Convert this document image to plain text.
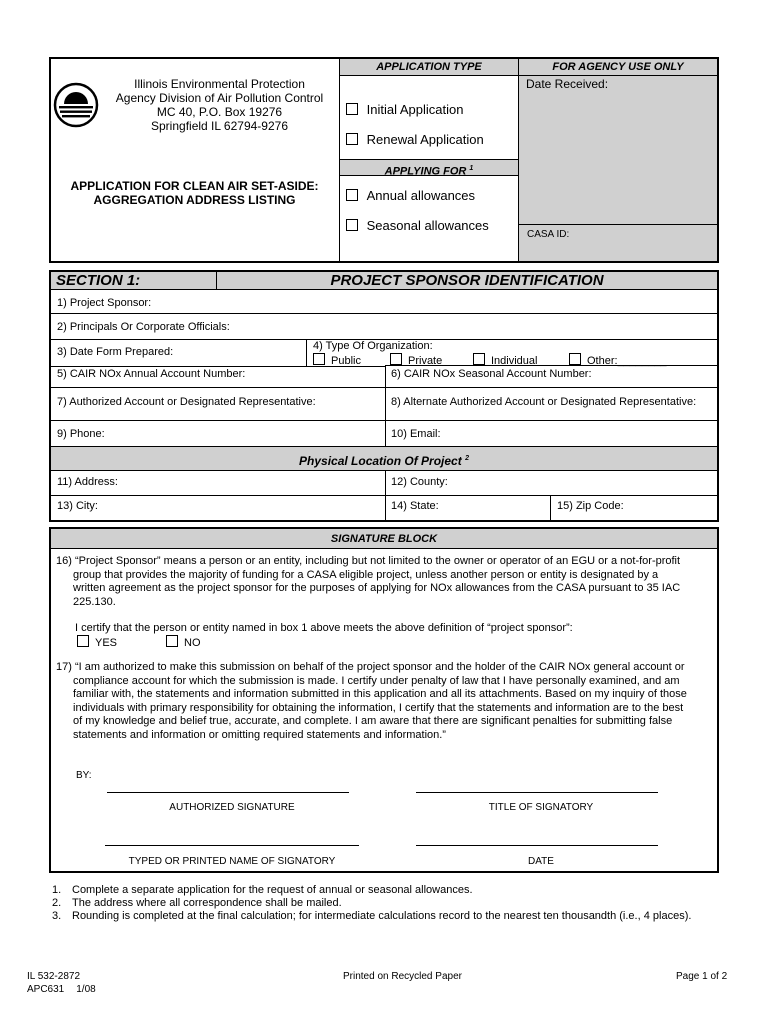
Illinois Environmental Protection
Agency Division of Air Pollution Control
MC 40, P.O. Box 19276
Springfield IL 62794-9276
APPLICATION FOR CLEAN AIR SET-ASIDE:
AGGREGATION ADDRESS LISTING
APPLICATION TYPE
Initial Application
Renewal Application
APPLYING FOR $^1$
Annual allowances
Seasonal allowances
FOR AGENCY USE ONLY
Date Received:
CASA ID:
SECTION 1:	PROJECT SPONSOR IDENTIFICATION
1) Project Sponsor:
2) Principals Or Corporate Officials:
3) Date Form Prepared:	4) Type Of Organization:
Public	Private	Individual	Other:________
5) CAIR NOx Annual Account Number:	6) CAIR NOx Seasonal Account Number:
7) Authorized Account or Designated Representative:	8) Alternate Authorized Account or Designated Representative:
9) Phone:	10) Email:
Physical Location Of Project $^2$
11) Address:	12) County:
13) City:	14) State:	15) Zip Code:
SIGNATURE BLOCK
16) “Project Sponsor” means a person or an entity, including but not limited to the owner or operator of an EGU or a not-for-profit
group that provides the majority of funding for a CASA eligible project, unless another person or entity is designated by a
written agreement as the project sponsor for the purposes of applying for NOx allowances from the CASA pursuant to 35 IAC
225.130.
I certify that the person or entity named in box 1 above meets the above definition of “project sponsor”:
YES	NO
17) “I am authorized to make this submission on behalf of the project sponsor and the holder of the CAIR NOx general account or
compliance account for which the submission is made. I certify under penalty of law that I have personally examined, and am
familiar with, the statements and information submitted in this application and all its attachments. Based on my inquiry of those
individuals with primary responsibility for obtaining the information, I certify that the statements and information are to the best
of my knowledge and belief true, accurate, and complete. I am aware that there are significant penalties for submitting false
statements and information or omitting required statements and information.”
BY:
AUTHORIZED SIGNATURE	TITLE OF SIGNATORY
TYPED OR PRINTED NAME OF SIGNATORY	DATE
1. Complete a separate application for the request of annual or seasonal allowances.
2. The address where all correspondence shall be mailed.
3. Rounding is completed at the final calculation; for intermediate calculations record to the nearest ten thousandth (i.e., 4 places).
IL 532-2872
APC631 1/08
Printed on Recycled Paper	Page 1 of 2
